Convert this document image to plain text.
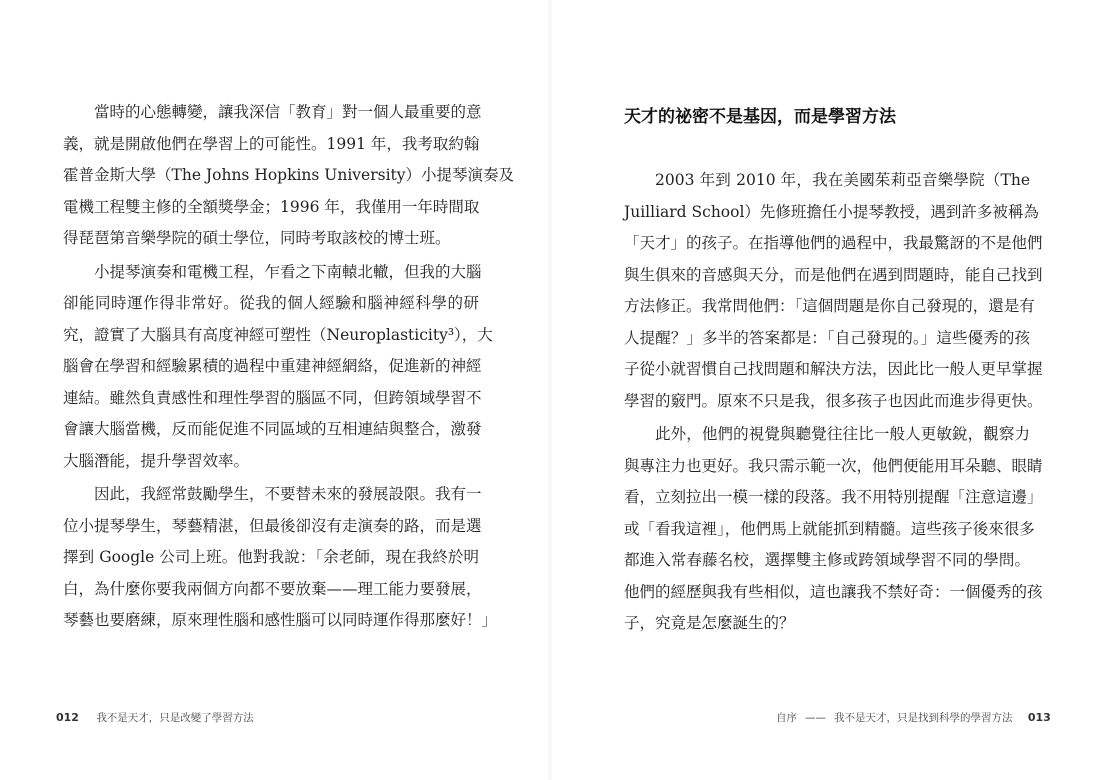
當時的心態轉變，讓我深信「教育」對一個人最重要的意
義，就是開啟他們在學習上的可能性。1991 年，我考取約翰
霍普金斯大學（The Johns Hopkins University）小提琴演奏及
電機工程雙主修的全額獎學金；1996 年，我僅用一年時間取
得琵琶第音樂學院的碩士學位，同時考取該校的博士班。
小提琴演奏和電機工程，乍看之下南轅北轍，但我的大腦
卻能同時運作得非常好。從我的個人經驗和腦神經科學的研
究，證實了大腦具有高度神經可塑性（Neuroplasticity³），大
腦會在學習和經驗累積的過程中重建神經網絡，促進新的神經
連結。雖然負責感性和理性學習的腦區不同，但跨領域學習不
會讓大腦當機，反而能促進不同區域的互相連結與整合，激發
大腦潛能，提升學習效率。
因此，我經常鼓勵學生，不要替未來的發展設限。我有一
位小提琴學生，琴藝精湛，但最後卻沒有走演奏的路，而是選
擇到 Google 公司上班。他對我說：「余老師，現在我終於明
白，為什麼你要我兩個方向都不要放棄——理工能力要發展，
琴藝也要磨練，原來理性腦和感性腦可以同時運作得那麼好！」
012 我不是天才，只是改變了學習方法
天才的祕密不是基因，而是學習方法
2003 年到 2010 年，我在美國茱莉亞音樂學院（The
Juilliard School）先修班擔任小提琴教授，遇到許多被稱為
「天才」的孩子。在指導他們的過程中，我最驚訝的不是他們
與生俱來的音感與天分，而是他們在遇到問題時，能自己找到
方法修正。我常問他們：「這個問題是你自己發現的，還是有
人提醒？」多半的答案都是：「自己發現的。」這些優秀的孩
子從小就習慣自己找問題和解決方法，因此比一般人更早掌握
學習的竅門。原來不只是我，很多孩子也因此而進步得更快。
此外，他們的視覺與聽覺往往比一般人更敏銳，觀察力
與專注力也更好。我只需示範一次，他們便能用耳朵聽、眼睛
看，立刻拉出一模一樣的段落。我不用特別提醒「注意這邊」
或「看我這裡」，他們馬上就能抓到精髓。這些孩子後來很多
都進入常春藤名校，選擇雙主修或跨領域學習不同的學問。
他們的經歷與我有些相似，這也讓我不禁好奇：一個優秀的孩
子，究竟是怎麼誕生的？
自序 —— 我不是天才，只是找到科學的學習方法 013
